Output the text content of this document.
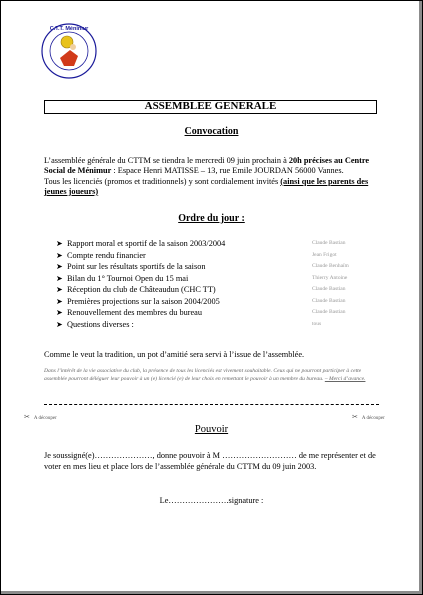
C.T.T. Ménimur
ASSEMBLEE GENERALE
Convocation
L’assemblée générale du CTTM se tiendra le mercredi 09 juin prochain à 20h précises au Centre Social de Ménimur : Espace Henri MATISSE – 13, rue Emile JOURDAN 56000 Vannes.
Tous les licenciés (promos et traditionnels) y sont cordialement invités (ainsi que les parents des jeunes joueurs)
Ordre du jour :
➤ Rapport moral et sportif de la saison 2003/2004	Claude Bastian
➤ Compte rendu financier	Jean Frigot
➤ Point sur les résultats sportifs de la saison	Claude Benhaïm
➤ Bilan du 1° Tournoi Open du 15 mai	Thierry Antoine
➤ Réception du club de Châteaudun (CHC TT)	Claude Bastian
➤ Premières projections sur la saison 2004/2005	Claude Bastian
➤ Renouvellement des membres du bureau	Claude Bastian
➤ Questions diverses :	tous
Comme le veut la tradition, un pot d’amitié sera servi à l’issue de l’assemblée.
Dans l’intérêt de la vie associative du club, la présence de tous les licenciés est vivement souhaitable. Ceux qui ne pourront participer à cette assemblée pourront déléguer leur pouvoir à un (e) licencié (e) de leur choix en remettant le pouvoir à un membre du bureau. – Merci d’avance.
✂ A découper	✂ A découper
Pouvoir
Je soussigné(e)…………………, donne pouvoir à M ……………………… de me représenter et de voter en mes lieu et place lors de l’assemblée générale du CTTM du 09 juin 2003.
Le………………….signature :
